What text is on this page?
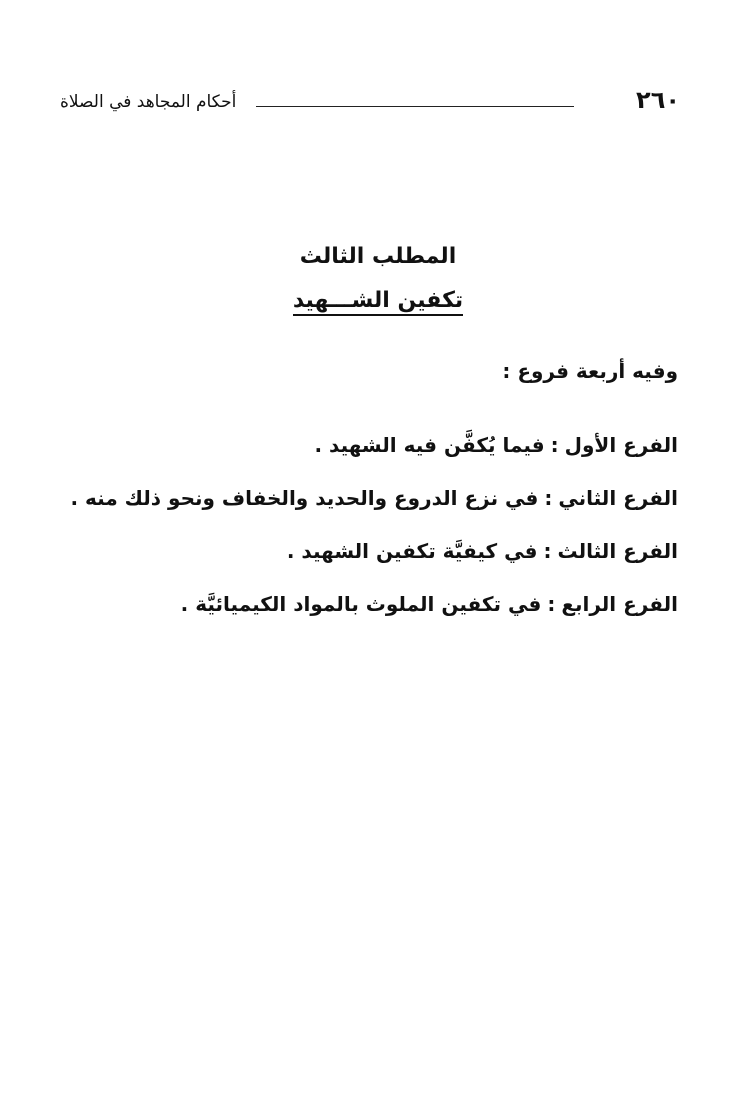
٢٦٠
أحكام المجاهد في الصلاة
المطلب الثالث
تكفين الشـــهيد
وفيه أربعة فروع :
الفرع الأول:فيما يُكفَّن فيه الشهيد .
الفرع الثاني:في نزع الدروع والحديد والخفاف ونحو ذلك منه .
الفرع الثالث:في كيفيَّة تكفين الشهيد .
الفرع الرابع:في تكفين الملوث بالمواد الكيميائيَّة .
